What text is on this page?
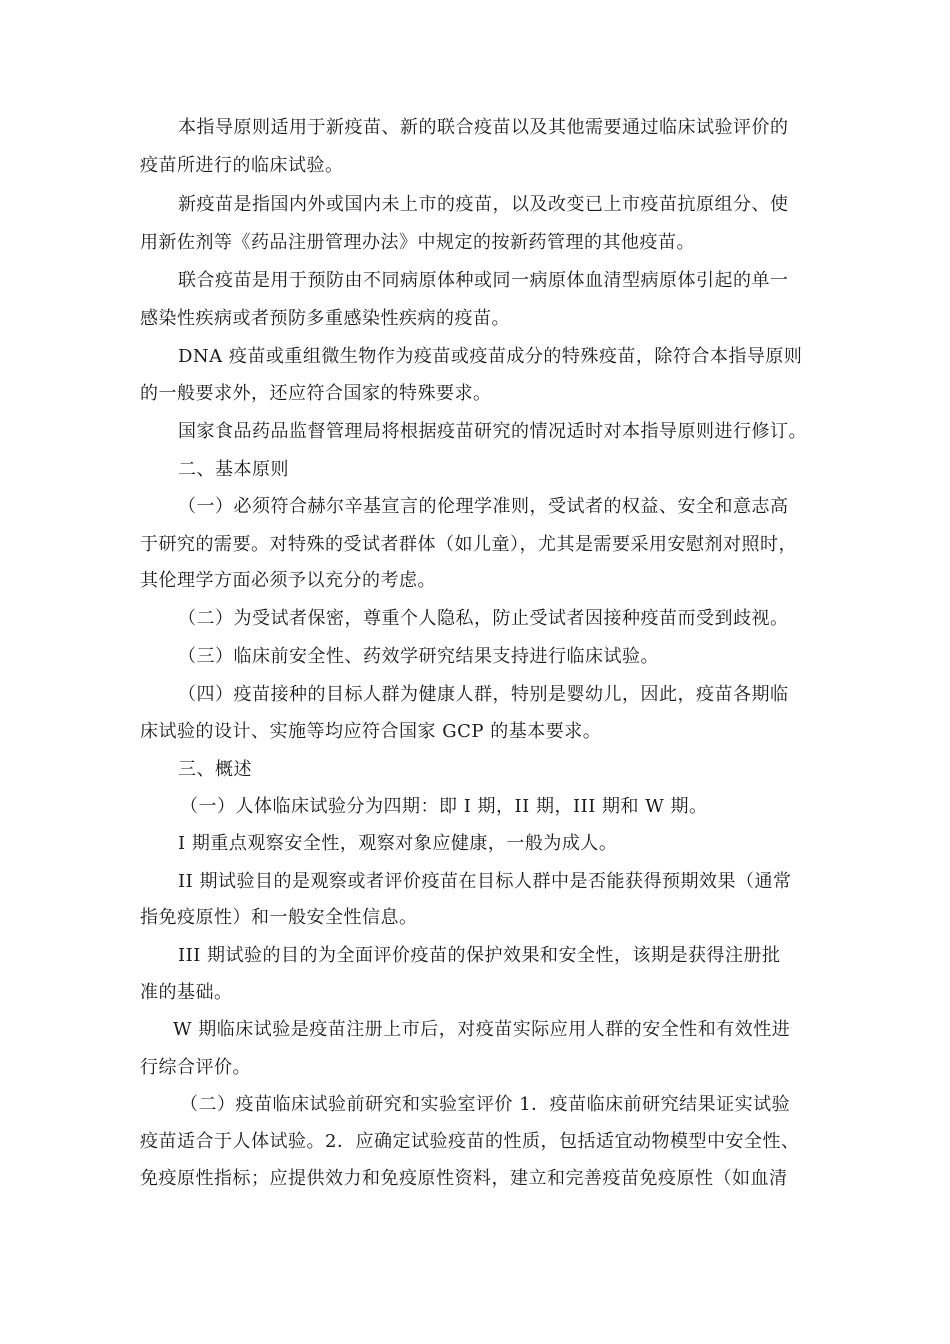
本指导原则适用于新疫苗、新的联合疫苗以及其他需要通过临床试验评价的
疫苗所进行的临床试验。
新疫苗是指国内外或国内未上市的疫苗，以及改变已上市疫苗抗原组分、使
用新佐剂等《药品注册管理办法》中规定的按新药管理的其他疫苗。
联合疫苗是用于预防由不同病原体种或同一病原体血清型病原体引起的单一
感染性疾病或者预防多重感染性疾病的疫苗。
DNA 疫苗或重组微生物作为疫苗或疫苗成分的特殊疫苗，除符合本指导原则
的一般要求外，还应符合国家的特殊要求。
国家食品药品监督管理局将根据疫苗研究的情况适时对本指导原则进行修订。
二、基本原则
（一）必须符合赫尔辛基宣言的伦理学准则，受试者的权益、安全和意志高
于研究的需要。对特殊的受试者群体（如儿童），尤其是需要采用安慰剂对照时，
其伦理学方面必须予以充分的考虑。
（二）为受试者保密，尊重个人隐私，防止受试者因接种疫苗而受到歧视。
（三）临床前安全性、药效学研究结果支持进行临床试验。
（四）疫苗接种的目标人群为健康人群，特别是婴幼儿，因此，疫苗各期临
床试验的设计、实施等均应符合国家 GCP 的基本要求。
三、概述
（一）人体临床试验分为四期：即 I 期，II 期，III 期和 W 期。
I 期重点观察安全性，观察对象应健康，一般为成人。
II 期试验目的是观察或者评价疫苗在目标人群中是否能获得预期效果（通常
指免疫原性）和一般安全性信息。
III 期试验的目的为全面评价疫苗的保护效果和安全性，该期是获得注册批
准的基础。
W 期临床试验是疫苗注册上市后，对疫苗实际应用人群的安全性和有效性进
行综合评价。
（二）疫苗临床试验前研究和实验室评价 1．疫苗临床前研究结果证实试验
疫苗适合于人体试验。2．应确定试验疫苗的性质，包括适宜动物模型中安全性、
免疫原性指标；应提供效力和免疫原性资料，建立和完善疫苗免疫原性（如血清
